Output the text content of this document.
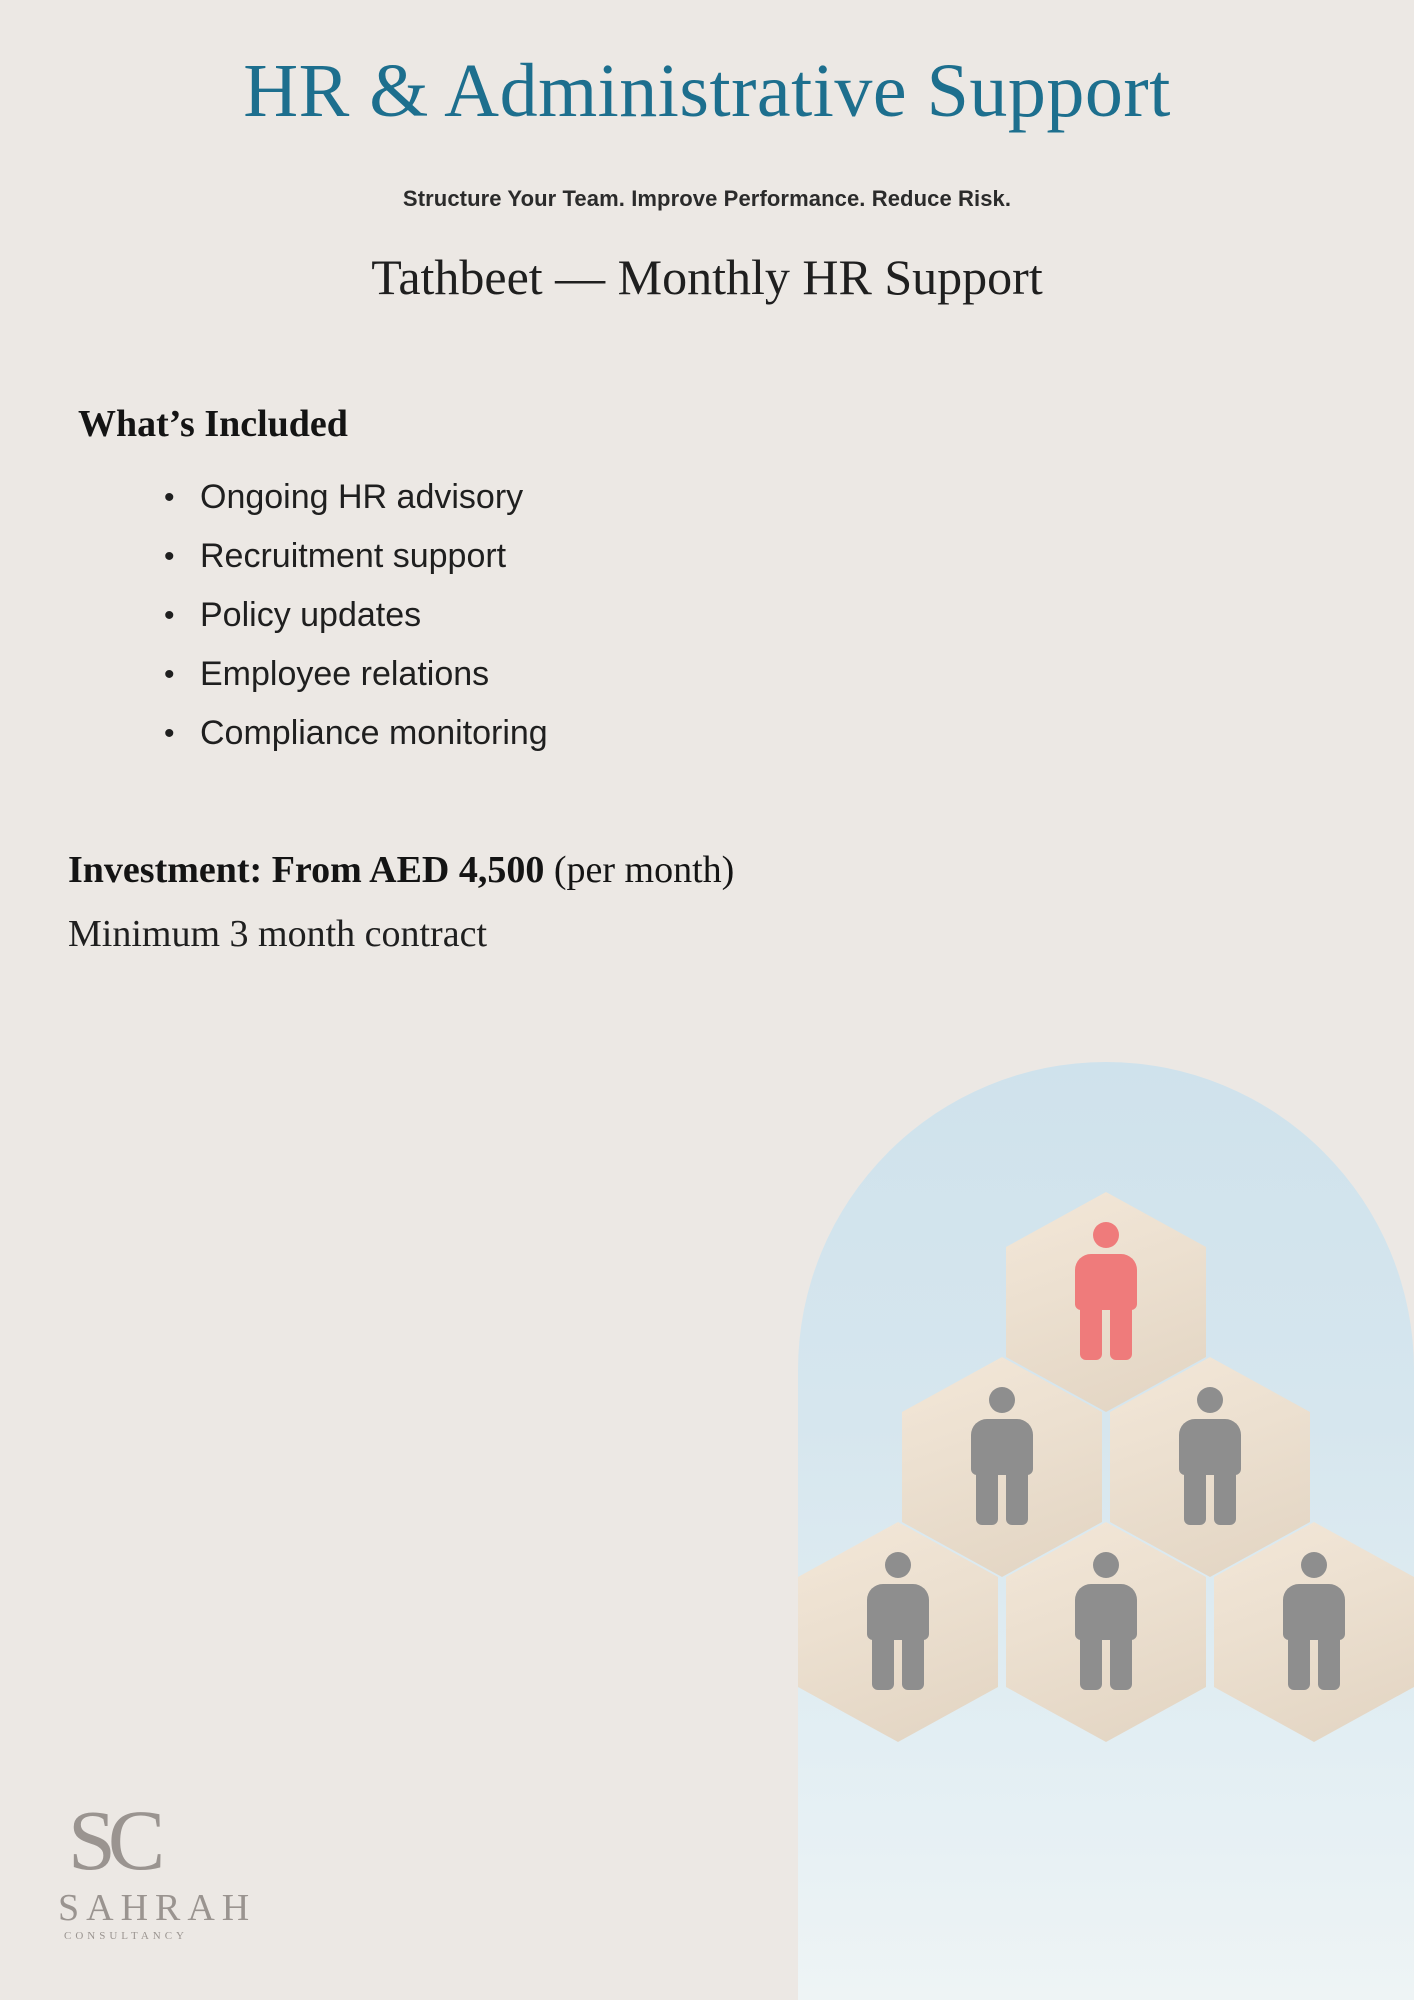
HR & Administrative Support
Structure Your Team. Improve Performance. Reduce Risk.
Tathbeet — Monthly HR Support
What’s Included
• Ongoing HR advisory
• Recruitment support
• Policy updates
• Employee relations
• Compliance monitoring
Investment: From AED 4,500 (per month)
Minimum 3 month contract
SC
SAHRAH
CONSULTANCY
